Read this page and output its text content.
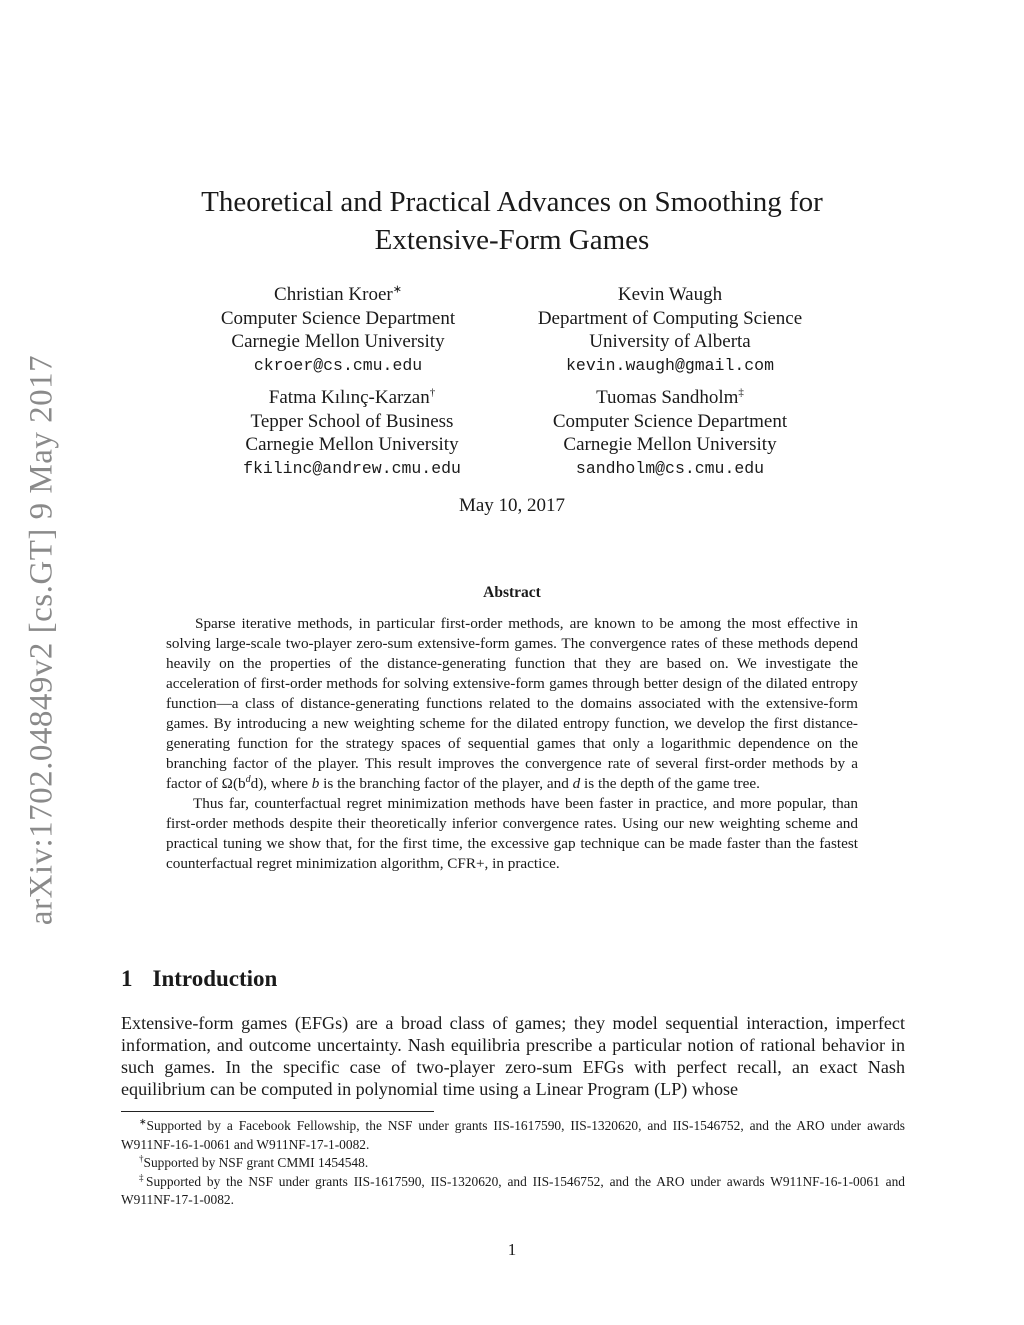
arXiv:1702.04849v2 [cs.GT] 9 May 2017
Theoretical and Practical Advances on Smoothing for
Extensive-Form Games
Christian Kroer∗
Computer Science Department
Carnegie Mellon University
ckroer@cs.cmu.edu
Kevin Waugh
Department of Computing Science
University of Alberta
kevin.waugh@gmail.com
Fatma Kılınç-Karzan†
Tepper School of Business
Carnegie Mellon University
fkilinc@andrew.cmu.edu
Tuomas Sandholm‡
Computer Science Department
Carnegie Mellon University
sandholm@cs.cmu.edu
May 10, 2017
Abstract

Sparse iterative methods, in particular first-order methods, are known to be among the most effective in solving large-scale two-player zero-sum extensive-form games. The convergence rates of these methods depend heavily on the properties of the distance-generating function that they are based on. We investigate the acceleration of first-order methods for solving extensive-form games through better design of the dilated entropy function—a class of distance-generating functions related to the domains associated with the extensive-form games. By introducing a new weighting scheme for the dilated entropy function, we develop the first distance-generating function for the strategy spaces of sequential games that only a logarithmic dependence on the branching factor of the player. This result improves the convergence rate of several first-order methods by a factor of $\Omega(b^dd)$, where b is the branching factor of the player, and d is the depth of the game tree.

Thus far, counterfactual regret minimization methods have been faster in practice, and more popular, than first-order methods despite their theoretically inferior convergence rates. Using our new weighting scheme and practical tuning we show that, for the first time, the excessive gap technique can be made faster than the fastest counterfactual regret minimization algorithm, CFR+, in practice.

1 Introduction

Extensive-form games (EFGs) are a broad class of games; they model sequential interaction, imperfect information, and outcome uncertainty. Nash equilibria prescribe a particular notion of rational behavior in such games. In the specific case of two-player zero-sum EFGs with perfect recall, an exact Nash equilibrium can be computed in polynomial time using a Linear Program (LP) whose

∗Supported by a Facebook Fellowship, the NSF under grants IIS-1617590, IIS-1320620, and IIS-1546752, and the ARO under awards W911NF-16-1-0061 and W911NF-17-1-0082.

†Supported by NSF grant CMMI 1454548.

‡Supported by the NSF under grants IIS-1617590, IIS-1320620, and IIS-1546752, and the ARO under awards W911NF-16-1-0061 and W911NF-17-1-0082.

1
